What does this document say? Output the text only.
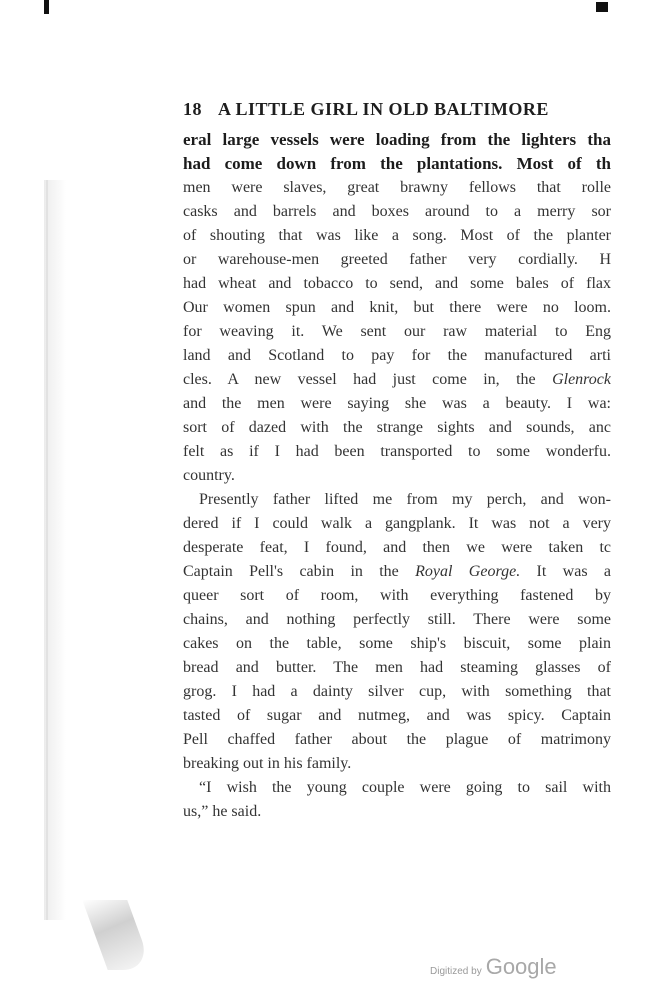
18 A LITTLE GIRL IN OLD BALTIMORE
eral large vessels were loading from the lighters tha
had come down from the plantations. Most of th
men were slaves, great brawny fellows that rolle
casks and barrels and boxes around to a merry sor
of shouting that was like a song. Most of the planter
or warehouse-men greeted father very cordially. H
had wheat and tobacco to send, and some bales of flax
Our women spun and knit, but there were no loom.
for weaving it. We sent our raw material to Eng
land and Scotland to pay for the manufactured arti
cles. A new vessel had just come in, the Glenrock
and the men were saying she was a beauty. I wa:
sort of dazed with the strange sights and sounds, anc
felt as if I had been transported to some wonderfu.
country.
Presently father lifted me from my perch, and won-
dered if I could walk a gangplank. It was not a very
desperate feat, I found, and then we were taken tc
Captain Pell's cabin in the Royal George. It was a
queer sort of room, with everything fastened by
chains, and nothing perfectly still. There were some
cakes on the table, some ship's biscuit, some plain
bread and butter. The men had steaming glasses of
grog. I had a dainty silver cup, with something that
tasted of sugar and nutmeg, and was spicy. Captain
Pell chaffed father about the plague of matrimony
breaking out in his family.
“I wish the young couple were going to sail with
us,” he said.
Digitized by Google
